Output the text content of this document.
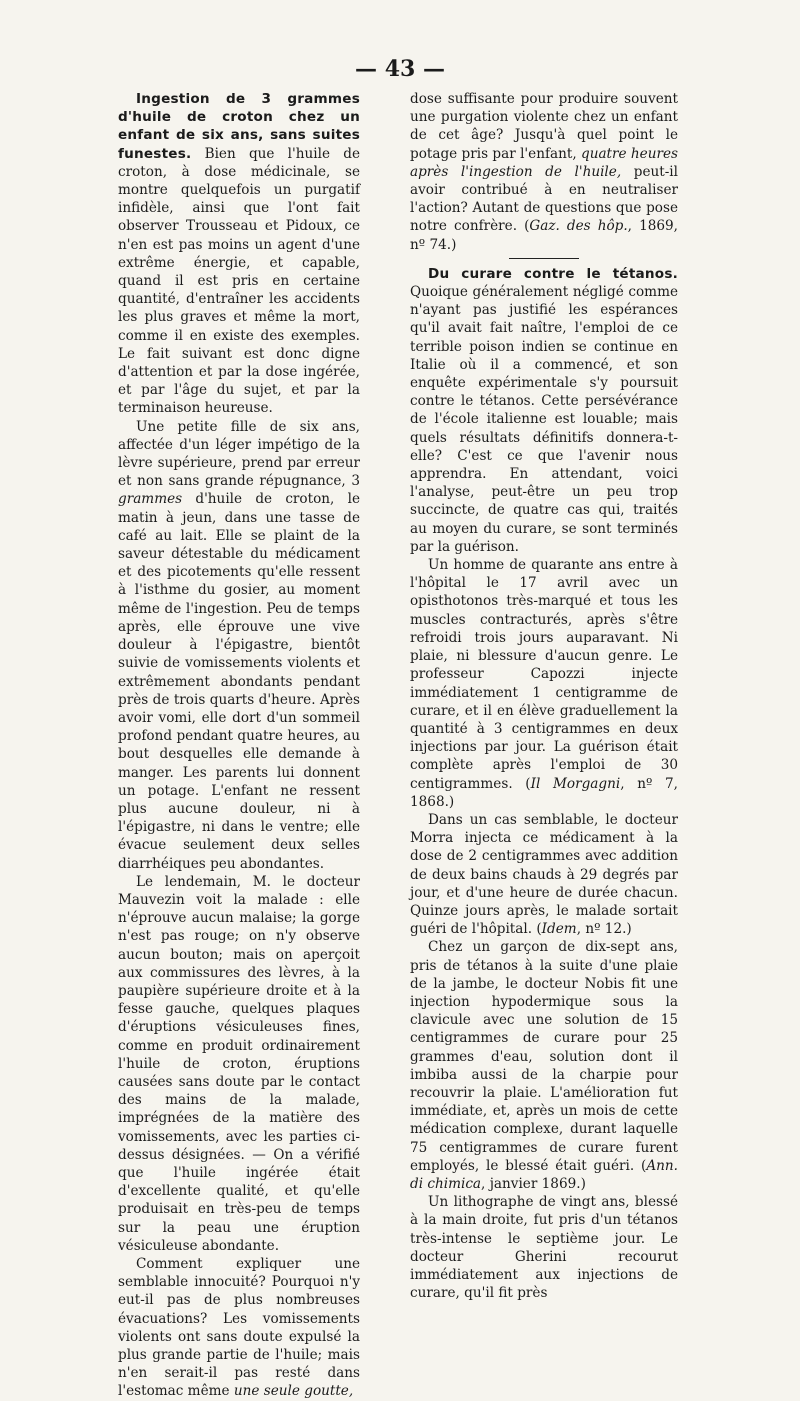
— 43 —

Ingestion de 3 grammes d'huile de croton chez un enfant de six ans, sans suites funestes. Bien que l'huile de croton, à dose médicinale, se montre quelquefois un purgatif infidèle, ainsi que l'ont fait observer Trousseau et Pidoux, ce n'en est pas moins un agent d'une extrême énergie, et capable, quand il est pris en certaine quantité, d'entraîner les accidents les plus graves et même la mort, comme il en existe des exemples. Le fait suivant est donc digne d'attention et par la dose ingérée, et par l'âge du sujet, et par la terminaison heureuse.

Une petite fille de six ans, affectée d'un léger impétigo de la lèvre supérieure, prend par erreur et non sans grande répugnance, 3 grammes d'huile de croton, le matin à jeun, dans une tasse de café au lait. Elle se plaint de la saveur détestable du médicament et des picotements qu'elle ressent à l'isthme du gosier, au moment même de l'ingestion. Peu de temps après, elle éprouve une vive douleur à l'épigastre, bientôt suivie de vomissements violents et extrêmement abondants pendant près de trois quarts d'heure. Après avoir vomi, elle dort d'un sommeil profond pendant quatre heures, au bout desquelles elle demande à manger. Les parents lui donnent un potage. L'enfant ne ressent plus aucune douleur, ni à l'épigastre, ni dans le ventre; elle évacue seulement deux selles diarrhéiques peu abondantes.

Le lendemain, M. le docteur Mauvezin voit la malade : elle n'éprouve aucun malaise; la gorge n'est pas rouge; on n'y observe aucun bouton; mais on aperçoit aux commissures des lèvres, à la paupière supérieure droite et à la fesse gauche, quelques plaques d'éruptions vésiculeuses fines, comme en produit ordinairement l'huile de croton, éruptions causées sans doute par le contact des mains de la malade, imprégnées de la matière des vomissements, avec les parties ci-dessus désignées. — On a vérifié que l'huile ingérée était d'excellente qualité, et qu'elle produisait en très-peu de temps sur la peau une éruption vésiculeuse abondante.

Comment expliquer une semblable innocuité? Pourquoi n'y eut-il pas de plus nombreuses évacuations? Les vomissements violents ont sans doute expulsé la plus grande partie de l'huile; mais n'en serait-il pas resté dans l'estomac même une seule goutte,

dose suffisante pour produire souvent une purgation violente chez un enfant de cet âge? Jusqu'à quel point le potage pris par l'enfant, quatre heures après l'ingestion de l'huile, peut-il avoir contribué à en neutraliser l'action? Autant de questions que pose notre confrère. (Gaz. des hôp., 1869, nº 74.)

Du curare contre le tétanos. Quoique généralement négligé comme n'ayant pas justifié les espérances qu'il avait fait naître, l'emploi de ce terrible poison indien se continue en Italie où il a commencé, et son enquête expérimentale s'y poursuit contre le tétanos. Cette persévérance de l'école italienne est louable; mais quels résultats définitifs donnera-t-elle? C'est ce que l'avenir nous apprendra. En attendant, voici l'analyse, peut-être un peu trop succincte, de quatre cas qui, traités au moyen du curare, se sont terminés par la guérison.

Un homme de quarante ans entre à l'hôpital le 17 avril avec un opisthotonos très-marqué et tous les muscles contracturés, après s'être refroidi trois jours auparavant. Ni plaie, ni blessure d'aucun genre. Le professeur Capozzi injecte immédiatement 1 centigramme de curare, et il en élève graduellement la quantité à 3 centigrammes en deux injections par jour. La guérison était complète après l'emploi de 30 centigrammes. (Il Morgagni, nº 7, 1868.)

Dans un cas semblable, le docteur Morra injecta ce médicament à la dose de 2 centigrammes avec addition de deux bains chauds à 29 degrés par jour, et d'une heure de durée chacun. Quinze jours après, le malade sortait guéri de l'hôpital. (Idem, nº 12.)

Chez un garçon de dix-sept ans, pris de tétanos à la suite d'une plaie de la jambe, le docteur Nobis fit une injection hypodermique sous la clavicule avec une solution de 15 centigrammes de curare pour 25 grammes d'eau, solution dont il imbiba aussi de la charpie pour recouvrir la plaie. L'amélioration fut immédiate, et, après un mois de cette médication complexe, durant laquelle 75 centigrammes de curare furent employés, le blessé était guéri. (Ann. di chimica, janvier 1869.)

Un lithographe de vingt ans, blessé à la main droite, fut pris d'un tétanos très-intense le septième jour. Le docteur Gherini recourut immédiatement aux injections de curare, qu'il fit près
